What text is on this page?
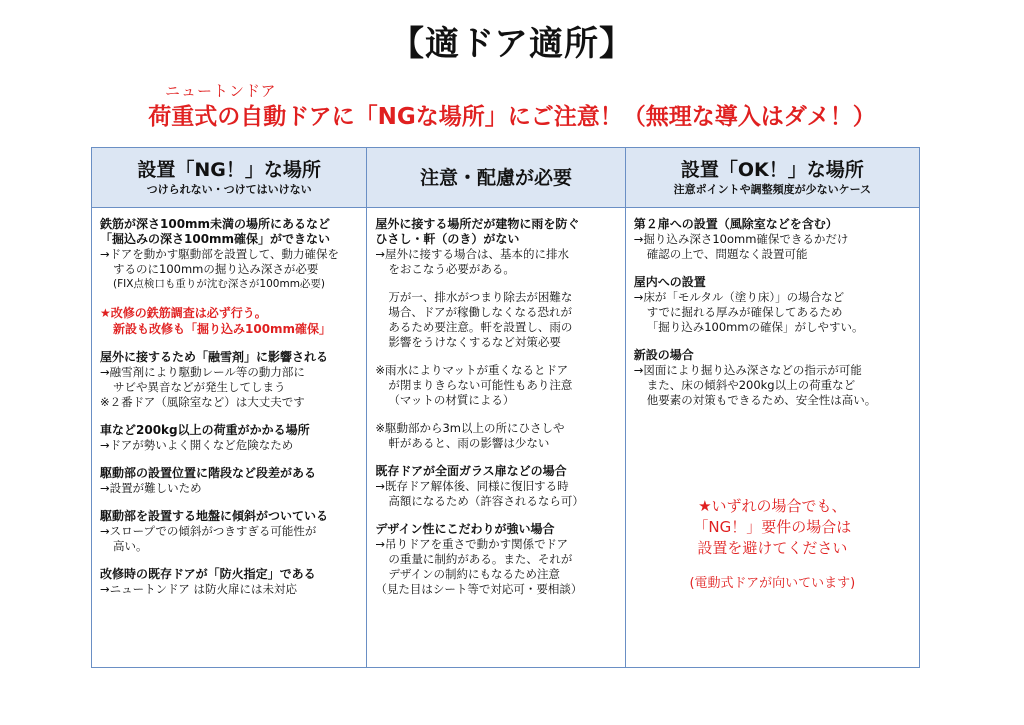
【適ドア適所】
ニュートンドア
荷重式の自動ドアに「NGな場所」にご注意！（無理な導入はダメ！）
設置「NG！」な場所
つけられない・つけてはいけない
鉄筋が深さ100mm未満の場所にあるなど
「掘込みの深さ100mm確保」ができない
→ドアを動かす駆動部を設置して、動力確保を
するのに100mmの掘り込み深さが必要
(FIX点検口も重りが沈む深さが100mm必要)
★改修の鉄筋調査は必ず行う。
新設も改修も「掘り込み100mm確保」
屋外に接するため「融雪剤」に影響される
→融雪剤により駆動レール等の動力部に
サビや異音などが発生してしまう
※２番ドア（風除室など）は大丈夫です
車など200kg以上の荷重がかかる場所
→ドアが勢いよく開くなど危険なため
駆動部の設置位置に階段など段差がある
→設置が難しいため
駆動部を設置する地盤に傾斜がついている
→スロープでの傾斜がつきすぎる可能性が
高い。
改修時の既存ドアが「防火指定」である
→ニュートンドア は防火扉には未対応
注意・配慮が必要
屋外に接する場所だが建物に雨を防ぐ
ひさし・軒（のき）がない
→屋外に接する場合は、基本的に排水
をおこなう必要がある。
万が一、排水がつまり除去が困難な
場合、ドアが稼働しなくなる恐れが
あるため要注意。軒を設置し、雨の
影響をうけなくするなど対策必要
※雨水によりマットが重くなるとドア
が閉まりきらない可能性もあり注意
（マットの材質による）
※駆動部から3m以上の所にひさしや
軒があると、雨の影響は少ない
既存ドアが全面ガラス扉などの場合
→既存ドア解体後、同様に復旧する時
高額になるため（許容されるなら可）
デザイン性にこだわりが強い場合
→吊りドアを重さで動かす関係でドア
の重量に制約がある。また、それが
デザインの制約にもなるため注意
（見た目はシート等で対応可・要相談）
設置「OK！」な場所
注意ポイントや調整頻度が少ないケース
第２扉への設置（風除室などを含む）
→掘り込み深さ10omm確保できるかだけ
確認の上で、問題なく設置可能
屋内への設置
→床が「モルタル（塗り床）」の場合など
すでに掘れる厚みが確保してあるため
「掘り込み100mmの確保」がしやすい。
新設の場合
→図面により掘り込み深さなどの指示が可能
また、床の傾斜や200kg以上の荷重など
他要素の対策もできるため、安全性は高い。
★いずれの場合でも、
「NG！」要件の場合は
設置を避けてください
(電動式ドアが向いています)
